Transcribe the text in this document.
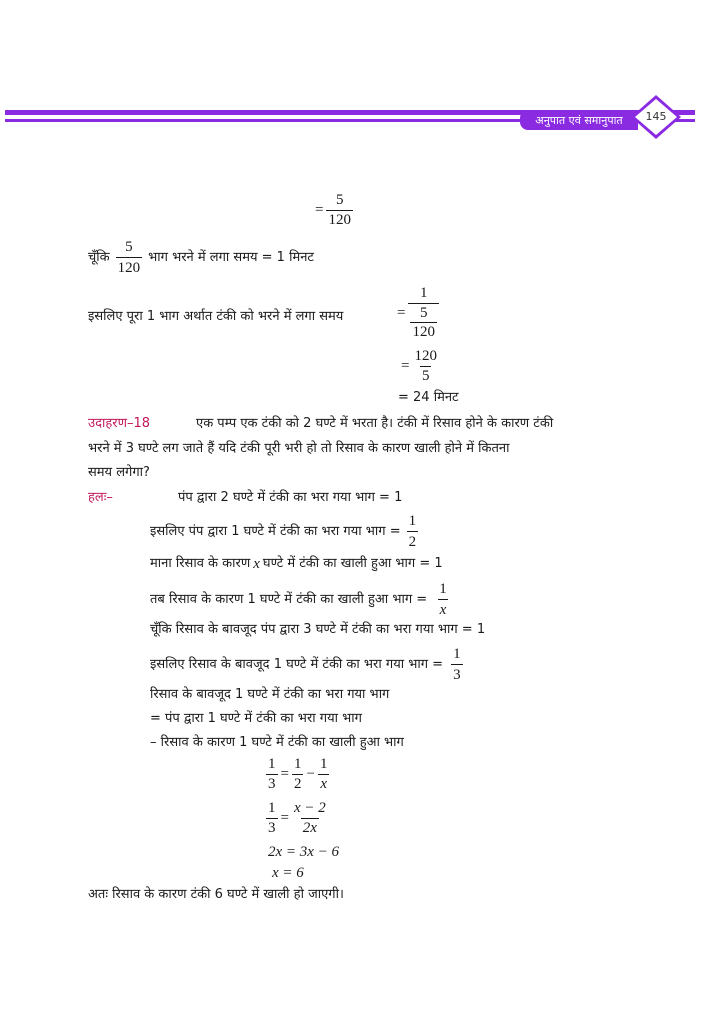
अनुपात एवं समानुपात	145
= $\frac{5}{120}$
चूँकि $\frac{5}{120}$ भाग भरने में लगा समय = 1 मिनट
इसलिए पूरा 1 भाग अर्थात टंकी को भरने में लगा समय	= 1
5
120
= $\frac{120}{5}$
= 24 मिनट
उदाहरण–18	एक पम्प एक टंकी को 2 घण्टे में भरता है। टंकी में रिसाव होने के कारण टंकी
भरने में 3 घण्टे लग जाते हैं यदि टंकी पूरी भरी हो तो रिसाव के कारण खाली होने में कितना
समय लगेगा?
हलः–	पंप द्वारा 2 घण्टे में टंकी का भरा गया भाग = 1
इसलिए पंप द्वारा 1 घण्टे में टंकी का भरा गया भाग = $\frac{1}{2}$
माना रिसाव के कारण x घण्टे में टंकी का खाली हुआ भाग = 1
तब रिसाव के कारण 1 घण्टे में टंकी का खाली हुआ भाग = $\frac{1}{x}$
चूँकि रिसाव के बावजूद पंप द्वारा 3 घण्टे में टंकी का भरा गया भाग = 1
इसलिए रिसाव के बावजूद 1 घण्टे में टंकी का भरा गया भाग = $\frac{1}{3}$
रिसाव के बावजूद 1 घण्टे में टंकी का भरा गया भाग
= पंप द्वारा 1 घण्टे में टंकी का भरा गया भाग
– रिसाव के कारण 1 घण्टे में टंकी का खाली हुआ भाग
$\frac{1}{3} = \frac{1}{2} - \frac{1}{x}$
$\frac{1}{3} = \frac{x - 2}{2x}$
2x = 3x − 6
x = 6
अतः रिसाव के कारण टंकी 6 घण्टे में खाली हो जाएगी।
